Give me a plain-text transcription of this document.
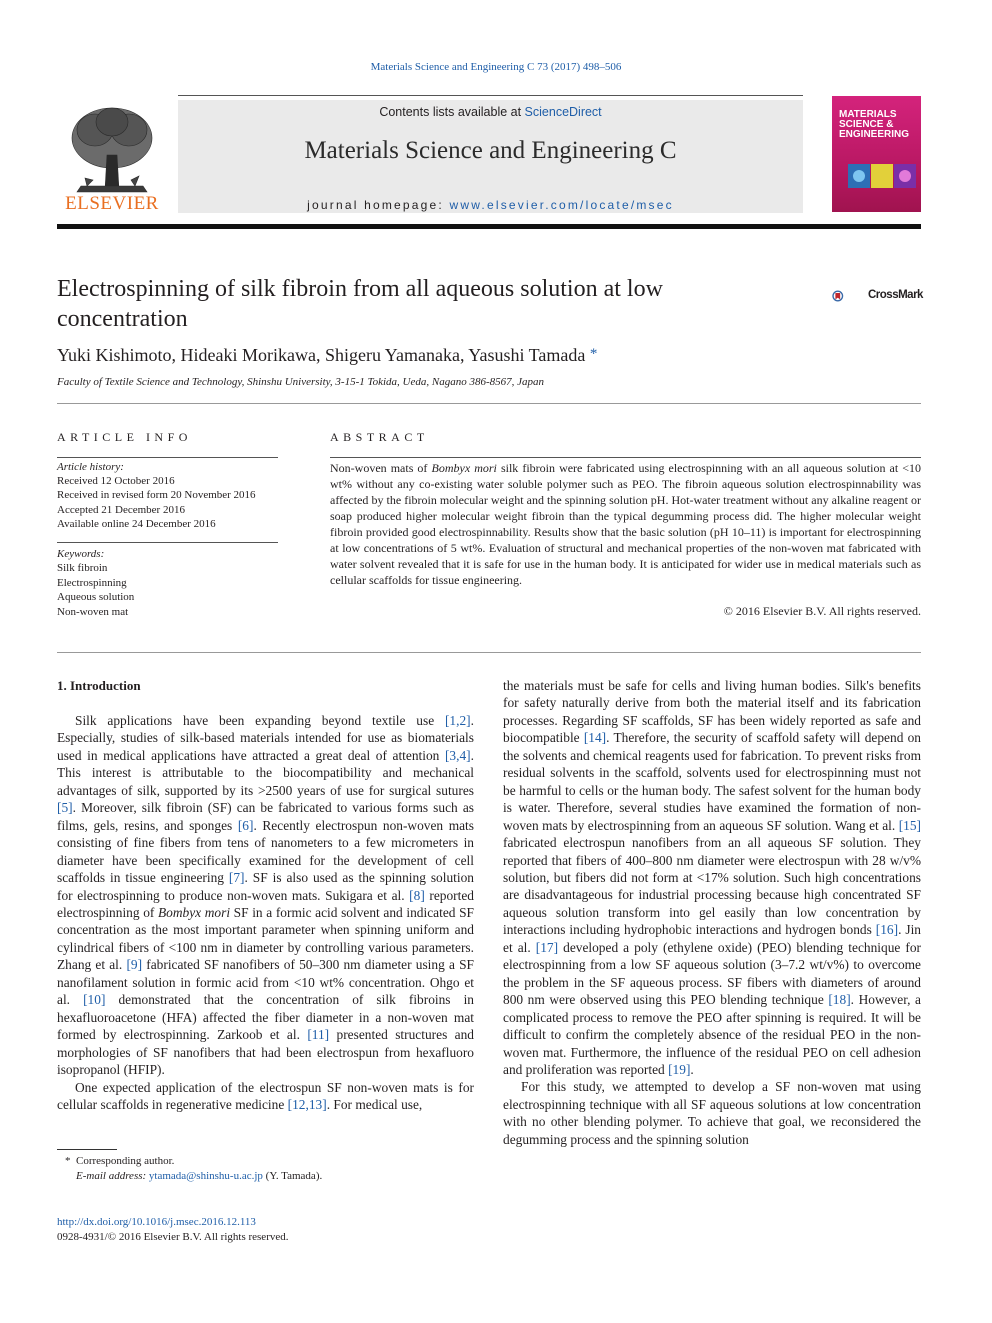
Materials Science and Engineering C 73 (2017) 498–506
ELSEVIER
Contents lists available at ScienceDirect
Materials Science and Engineering C
journal homepage: www.elsevier.com/locate/msec
MATERIALS SCIENCE & ENGINEERING
Electrospinning of silk fibroin from all aqueous solution at low concentration
CrossMark
Yuki Kishimoto, Hideaki Morikawa, Shigeru Yamanaka, Yasushi Tamada *
Faculty of Textile Science and Technology, Shinshu University, 3-15-1 Tokida, Ueda, Nagano 386-8567, Japan
ARTICLE INFO
Article history:
Received 12 October 2016
Received in revised form 20 November 2016
Accepted 21 December 2016
Available online 24 December 2016
Keywords:
Silk fibroin
Electrospinning
Aqueous solution
Non-woven mat
ABSTRACT
Non-woven mats of Bombyx mori silk fibroin were fabricated using electrospinning with an all aqueous solution at <10 wt% without any co-existing water soluble polymer such as PEO. The fibroin aqueous solution electrospinnability was affected by the fibroin molecular weight and the spinning solution pH. Hot-water treatment without any alkaline reagent or soap produced higher molecular weight fibroin than the typical degumming process did. The higher molecular weight fibroin provided good electrospinnability. Results show that the basic solution (pH 10–11) is important for electrospinning at low concentrations of 5 wt%. Evaluation of structural and mechanical properties of the non-woven mat fabricated with water solvent revealed that it is safe for use in the human body. It is anticipated for wider use in medical materials such as cellular scaffolds for tissue engineering.
© 2016 Elsevier B.V. All rights reserved.
1. Introduction

Silk applications have been expanding beyond textile use [1,2]. Especially, studies of silk-based materials intended for use as biomaterials used in medical applications have attracted a great deal of attention [3,4]. This interest is attributable to the biocompatibility and mechanical advantages of silk, supported by its >2500 years of use for surgical sutures [5]. Moreover, silk fibroin (SF) can be fabricated to various forms such as films, gels, resins, and sponges [6]. Recently electrospun non-woven mats consisting of fine fibers from tens of nanometers to a few micrometers in diameter have been specifically examined for the development of cell scaffolds in tissue engineering [7]. SF is also used as the spinning solution for electrospinning to produce non-woven mats. Sukigara et al. [8] reported electrospinning of Bombyx mori SF in a formic acid solvent and indicated SF concentration as the most important parameter when spinning uniform and cylindrical fibers of <100 nm in diameter by controlling various parameters. Zhang et al. [9] fabricated SF nanofibers of 50–300 nm diameter using a SF nanofilament solution in formic acid from <10 wt% concentration. Ohgo et al. [10] demonstrated that the concentration of silk fibroins in hexafluoroacetone (HFA) affected the fiber diameter in a non-woven mat formed by electrospinning. Zarkoob et al. [11] presented structures and morphologies of SF nanofibers that had been electrospun from hexafluoro isopropanol (HFIP).

One expected application of the electrospun SF non-woven mats is for cellular scaffolds in regenerative medicine [12,13]. For medical use,

the materials must be safe for cells and living human bodies. Silk's benefits for safety naturally derive from both the material itself and its fabrication processes. Regarding SF scaffolds, SF has been widely reported as safe and biocompatible [14]. Therefore, the security of scaffold safety will depend on the solvents and chemical reagents used for fabrication. To prevent risks from residual solvents in the scaffold, solvents used for electrospinning must not be harmful to cells or the human body. The safest solvent for the human body is water. Therefore, several studies have examined the formation of non-woven mats by electrospinning from an aqueous SF solution. Wang et al. [15] fabricated electrospun nanofibers from an all aqueous SF solution. They reported that fibers of 400–800 nm diameter were electrospun with 28 w/v% solution, but fibers did not form at <17% solution. Such high concentrations are disadvantageous for industrial processing because high concentrated SF aqueous solution transform into gel easily than low concentration by interactions including hydrophobic interactions and hydrogen bonds [16]. Jin et al. [17] developed a poly (ethylene oxide) (PEO) blending technique for electrospinning from a low SF aqueous solution (3–7.2 wt/v%) to overcome the problem in the SF aqueous process. SF fibers with diameters of around 800 nm were observed using this PEO blending technique [18]. However, a complicated process to remove the PEO after spinning is required. It will be difficult to confirm the completely absence of the residual PEO in the non-woven mat. Furthermore, the influence of the residual PEO on cell adhesion and proliferation was reported [19].

For this study, we attempted to develop a SF non-woven mat using electrospinning technique with all SF aqueous solutions at low concentration with no other blending polymer. To achieve that goal, we reconsidered the degumming process and the spinning solution

* Corresponding author.
E-mail address: ytamada@shinshu-u.ac.jp (Y. Tamada).
http://dx.doi.org/10.1016/j.msec.2016.12.113
0928-4931/© 2016 Elsevier B.V. All rights reserved.
